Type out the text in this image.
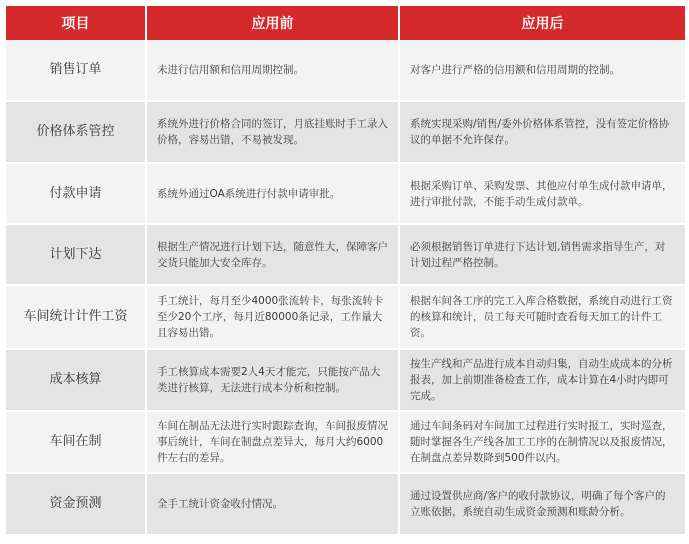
项目	应用前	应用后
销售订单	未进行信用额和信用周期控制。	对客户进行严格的信用额和信用周期的控制。
价格体系管控	系统外进行价格合同的签订，月底挂账时手工录入价格，容易出错，不易被发现。	系统实现采购/销售/委外价格体系管控，没有签定价格协议的单据不允许保存。
付款申请	系统外通过OA系统进行付款申请审批。	根据采购订单、采购发票、其他应付单生成付款申请单，进行审批付款，不能手动生成付款单。
计划下达	根据生产情况进行计划下达，随意性大，保障客户交货只能加大安全库存。	必须根据销售订单进行下达计划,销售需求指导生产，对计划过程严格控制。
车间统计计件工资	手工统计，每月至少4000张流转卡，每张流转卡至少20个工序，每月近80000条记录，工作量大且容易出错。	根据车间各工序的完工入库合格数据，系统自动进行工资的核算和统计，员工每天可随时查看每天加工的计件工资。
成本核算	手工核算成本需要2人4天才能完，只能按产品大类进行核算，无法进行成本分析和控制。	按生产线和产品进行成本自动归集，自动生成成本的分析报表，加上前期准备检查工作，成本计算在4小时内即可完成。
车间在制	车间在制品无法进行实时跟踪查询，车间报废情况事后统计，车间在制盘点差异大，每月大约6000件左右的差异。	通过车间条码对车间加工过程进行实时报工，实时巡查，随时掌握各生产线各加工工序的在制情况以及报废情况，在制盘点差异数降到500件以内。
资金预测	全手工统计资金收付情况。	通过设置供应商/客户的收付款协议，明确了每个客户的立账依据，系统自动生成资金预测和账龄分析。
